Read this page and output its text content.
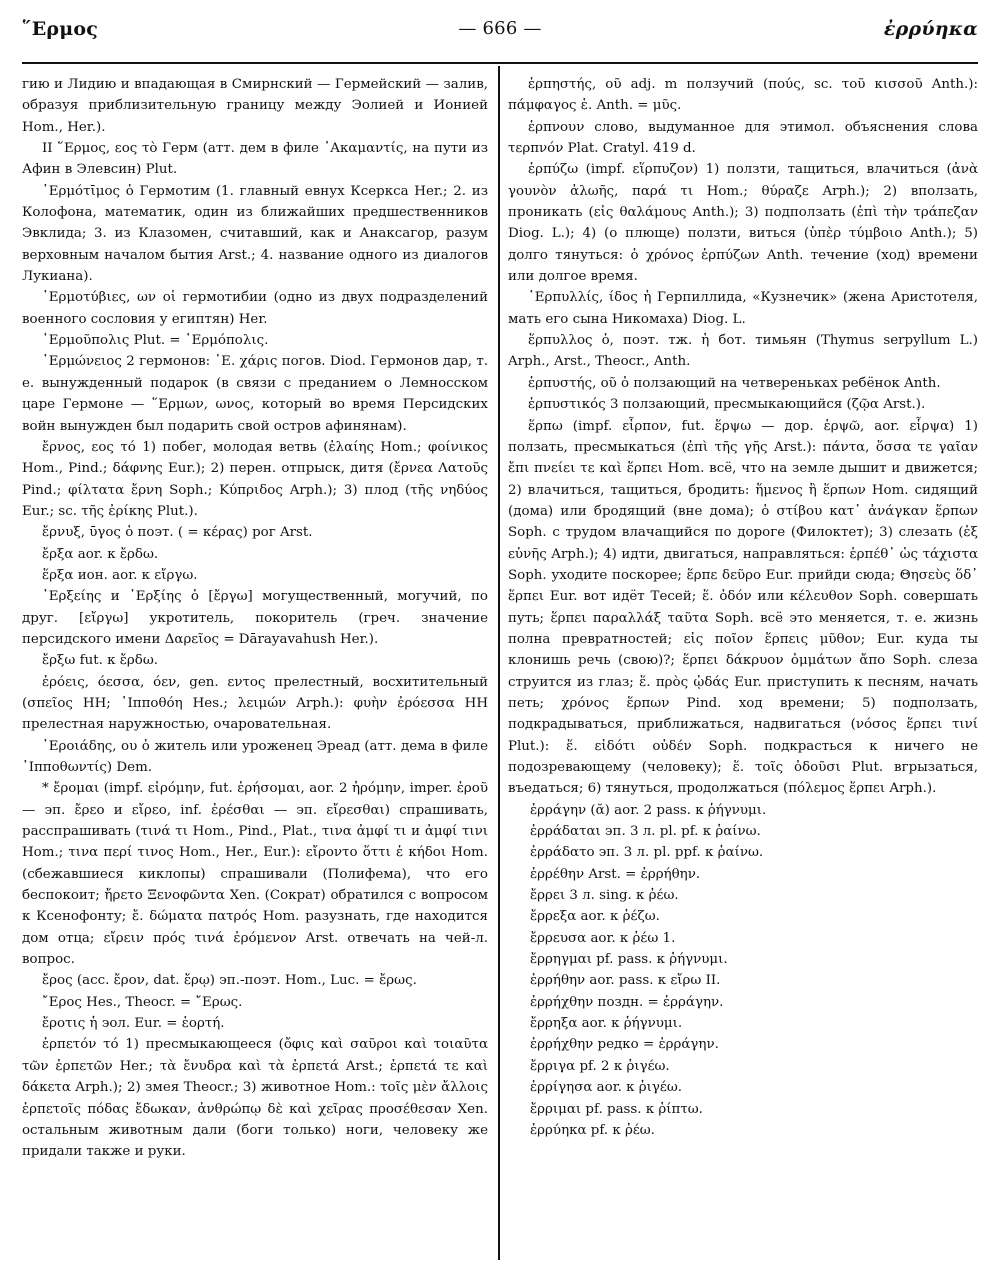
῞Ερμος	— 666 —	ἐρρύηκα

гию и Лидию и впадающая в Смирнский — Гермейский — залив, образуя приблизительную границу между Эолией и Ионией Hom., Her.).

II ῞Ερμος, εος τὸ Герм (атт. дем в филе ᾿Ακαμαντίς, на пути из Афин в Элевсин) Plut.

῾Ερμότῑμος ὁ Гермотим (1. главный евнух Ксеркса Her.; 2. из Колофона, математик, один из ближайших предшественников Эвклида; 3. из Клазомен, считавший, как и Анаксагор, разум верховным началом бытия Arst.; 4. название одного из диалогов Лукиана).

῾Ερμοτύβιες, ων οἱ гермотибии (одно из двух подразделений военного сословия у египтян) Her.

῾Ερμοῦπολις Plut. = ῾Ερμόπολις.

῾Ερμώνειος 2 гермонов: ῾Ε. χάρις погов. Diod. Гермонов дар, т. е. вынужденный подарок (в связи с преданием о Лемносском царе Гермоне — ῞Ερμων, ωνος, который во время Персидских войн вынужден был подарить свой остров афинянам).

ἔρνος, εος τό 1) побег, молодая ветвь (ἐλαίης Hom.; φοίνικος Hom., Pind.; δάφνης Eur.); 2) перен. отпрыск, дитя (ἔρνεα Λατοῦς Pind.; φίλτατα ἔρνη Soph.; Κύπριδος Arph.); 3) плод (τῆς νηδύος Eur.; sc. τῆς ἐρίκης Plut.).

ἔρνυξ, ῡγος ὁ поэт. ( = κέρας) рог Arst.

ἔρξα aor. к ἔρδω.

ἕρξα ион. aor. к εἴργω.

᾿Ερξείης и ᾿Ερξίης ὁ [ἔργω] могущественный, могучий, по друг. [εἴργω] укротитель, покоритель (греч. значение персидского имени Δαρεῖος = Dārayavahush Her.).

ἔρξω fut. к ἔρδω.

ἐρόεις, όεσσα, όεν, gen. εντος прелестный, восхитительный (σπεῖος HH; ῾Ιπποθόη Hes.; λειμών Arph.): φυὴν ἐρόεσσα HH прелестная наружностью, очаровательная.

᾿Εροιάδης, ου ὁ житель или уроженец Эреад (атт. дема в филе ῾Ιπποθωντίς) Dem.

* ἔρομαι (impf. εἰρόμην, fut. ἐρήσομαι, aor. 2 ἠρόμην, imper. ἐροῦ — эп. ἔρεο и εἴρεο, inf. ἐρέσθαι — эп. εἴρεσθαι) спрашивать, расспрашивать (τινά τι Hom., Pind., Plat., τινα ἀμφί τι и ἀμφί τινι Hom.; τινα περί τινος Hom., Her., Eur.): εἴροντο ὅττι ἑ κήδοι Hom. (сбежавшиеся киклопы) спрашивали (Полифема), что его беспокоит; ἤρετο Ξενοφῶντα Xen. (Сократ) обратился с вопросом к Ксенофонту; ἔ. δώματα πατρός Hom. разузнать, где находится дом отца; εἴρειν πρός τινά ἐρόμενον Arst. отвечать на чей-л. вопрос.

ἔρος (acc. ἔρον, dat. ἔρῳ) эп.-поэт. Hom., Luc. = ἔρως.

῎Ερος Hes., Theocr. = ῎Ερως.

ἔροτις ἡ эол. Eur. = ἑορτή.

ἑρπετόν τό 1) пресмыкающееся (ὄφις καὶ σαῦροι καὶ τοιαῦτα τῶν ἑρπετῶν Her.; τὰ ἔνυδρα καὶ τὰ ἑρπετά Arst.; ἑρπετά τε καὶ δάκετα Arph.); 2) змея Theocr.; 3) животное Hom.: τοῖς μὲν ἄλλοις ἑρπετοῖς πόδας ἔδωκαν, ἀνθρώπῳ δὲ καὶ χεῖρας προσέθεσαν Xen. остальным животным дали (боги только) ноги, человеку же придали также и руки.

ἑρπηστής, οῦ adj. m ползучий (πούς, sc. τοῦ κισσοῦ Anth.): πάμφαγος ἑ. Anth. = μῦς.

ἑρπνουν слово, выдуманное для этимол. объяснения слова τερπνόν Plat. Cratyl. 419 d.

ἑρπύζω (impf. εἵρπυζον) 1) ползти, тащиться, влачиться (ἀνὰ γουνὸν ἀλωῆς, παρά τι Hom.; θύραζε Arph.); 2) вползать, проникать (εἰς θαλάμους Anth.); 3) подползать (ἐπὶ τὴν τράπεζαν Diog. L.); 4) (о плюще) ползти, виться (ὑπὲρ τύμβοιο Anth.); 5) долго тянуться: ὁ χρόνος ἑρπύζων Anth. течение (ход) времени или долгое время.

῾Ερπυλλίς, ίδος ἡ Герпиллида, «Кузнечик» (жена Аристотеля, мать его сына Никомаха) Diog. L.

ἕρπυλλος ὁ, поэт. тж. ἡ бот. тимьян (Thymus serpyllum L.) Arph., Arst., Theocr., Anth.

ἑρπυστής, οῦ ὁ ползающий на четвереньках ребёнок Anth.

ἑρπυστικός 3 ползающий, пресмыкающийся (ζῷα Arst.).

ἕρπω (impf. εἷρπον, fut. ἕρψω — дор. ἑρψῶ, aor. εἷρψα) 1) ползать, пресмыкаться (ἐπὶ τῆς γῆς Arst.): πάντα, ὅσσα τε γαῖαν ἔπι πνείει τε καὶ ἕρπει Hom. всё, что на земле дышит и движется; 2) влачиться, тащиться, бродить: ἥμενος ἢ ἕρπων Hom. сидящий (дома) или бродящий (вне дома); ὁ στίβου κατ᾿ ἀνάγκαν ἕρπων Soph. с трудом влачащийся по дороге (Филоктет); 3) слезать (ἐξ εὐνῆς Arph.); 4) идти, двигаться, направляться: ἑρπέθ᾿ ὡς τάχιστα Soph. уходите поскорее; ἕρπε δεῦρο Eur. прийди сюда; Θησεὺς ὅδ᾿ ἕρπει Eur. вот идёт Тесей; ἕ. ὁδόν или κέλευθον Soph. совершать путь; ἕρπει παραλλάξ ταῦτα Soph. всё это меняется, т. е. жизнь полна превратностей; εἰς ποῖον ἕρπεις μῦθον; Eur. куда ты клонишь речь (свою)?; ἕρπει δάκρυον ὀμμάτων ἄπο Soph. слеза струится из глаз; ἕ. πρὸς ᾠδάς Eur. приступить к песням, начать петь; χρόνος ἕρπων Pind. ход времени; 5) подползать, подкрадываться, приближаться, надвигаться (νόσος ἕρπει τινί Plut.): ἕ. εἰδότι οὐδέν Soph. подкрасться к ничего не подозревающему (человеку); ἕ. τοῖς ὀδοῦσι Plut. вгрызаться, въедаться; 6) тянуться, продолжаться (πόλεμος ἕρπει Arph.).

ἐρράγην (ᾰ) aor. 2 pass. к ῥήγνυμι.

ἐρράδαται эп. 3 л. pl. pf. к ῥαίνω.

ἐρράδατο эп. 3 л. pl. ppf. к ῥαίνω.

ἐρρέθην Arst. = ἐρρήθην.

ἔρρει 3 л. sing. к ῥέω.

ἔρρεξα aor. к ῥέζω.

ἔρρευσα aor. к ῥέω 1.

ἔρρηγμαι pf. pass. к ῥήγνυμι.

ἐρρήθην aor. pass. к εἴρω II.

ἐρρήχθην поздн. = ἐρράγην.

ἔρρηξα aor. к ῥήγνυμι.

ἐρρήχθην редко = ἐρράγην.

ἔρριγα pf. 2 к ῥιγέω.

ἐρρίγησα aor. к ῥιγέω.

ἔρριμαι pf. pass. к ῥίπτω.

ἐρρύηκα pf. к ῥέω.
